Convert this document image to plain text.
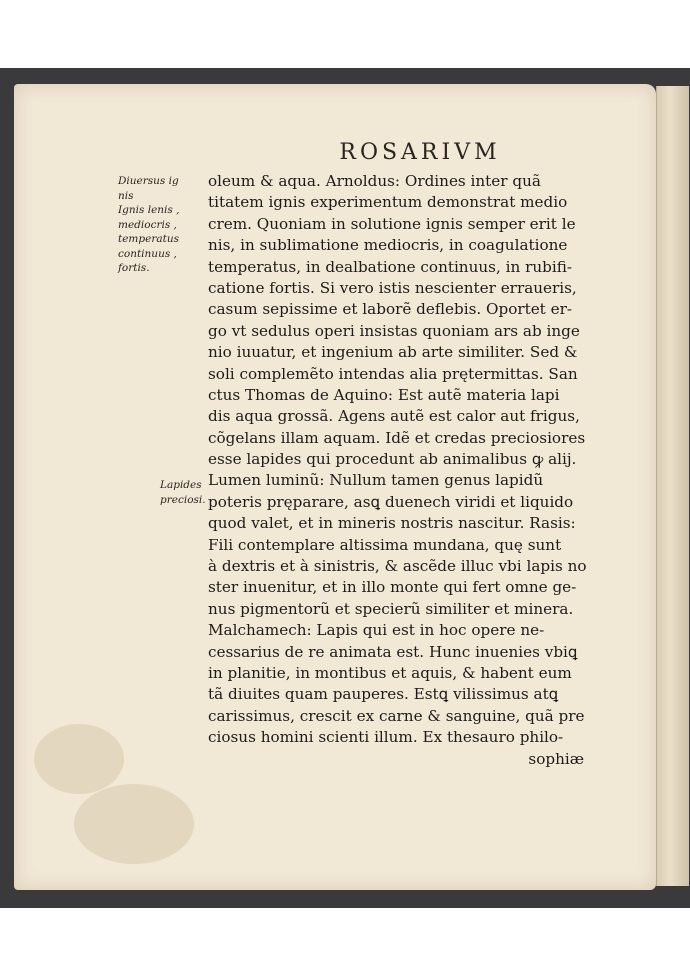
ROSARIVM
Diuersus ig
nis
Ignis lenis ,
mediocris ,
temperatus
continuus ,
fortis.
Lapides
preciosi.
oleum & aqua. Arnoldus: Ordines inter quã
titatem ignis experimentum demonstrat medio
crem. Quoniam in solutione ignis semper erit le
nis, in sublimatione mediocris, in coagulatione
temperatus, in dealbatione continuus, in rubifi-
catione fortis. Si vero istis nescienter erraueris,
casum sepissime et laborẽ deflebis. Oportet er-
go vt sedulus operi insistas quoniam ars ab inge
nio iuuatur, et ingenium ab arte similiter. Sed &
soli complemẽto intendas alia prętermittas. San
ctus Thomas de Aquino: Est autẽ materia lapi
dis aqua grossã. Agens autẽ est calor aut frigus,
cõgelans illam aquam. Idẽ et credas preciosiores
esse lapides qui procedunt ab animalibus ꝙ alij.
Lumen luminũ: Nullum tamen genus lapidũ
poteris pręparare, asꝗ duenech viridi et liquido
quod valet, et in mineris nostris nascitur. Rasis:
Fili contemplare altissima mundana, quę sunt
à dextris et à sinistris, & ascẽde illuc vbi lapis no
ster inuenitur, et in illo monte qui fert omne ge-
nus pigmentorũ et specierũ similiter et minera.
Malchamech: Lapis qui est in hoc opere ne-
cessarius de re animata est. Hunc inuenies vbiꝗ
in planitie, in montibus et aquis, & habent eum
tã diuites quam pauperes. Estꝗ vilissimus atꝗ
carissimus, crescit ex carne & sanguine, quã pre
ciosus homini scienti illum. Ex thesauro philo-
sophiæ
